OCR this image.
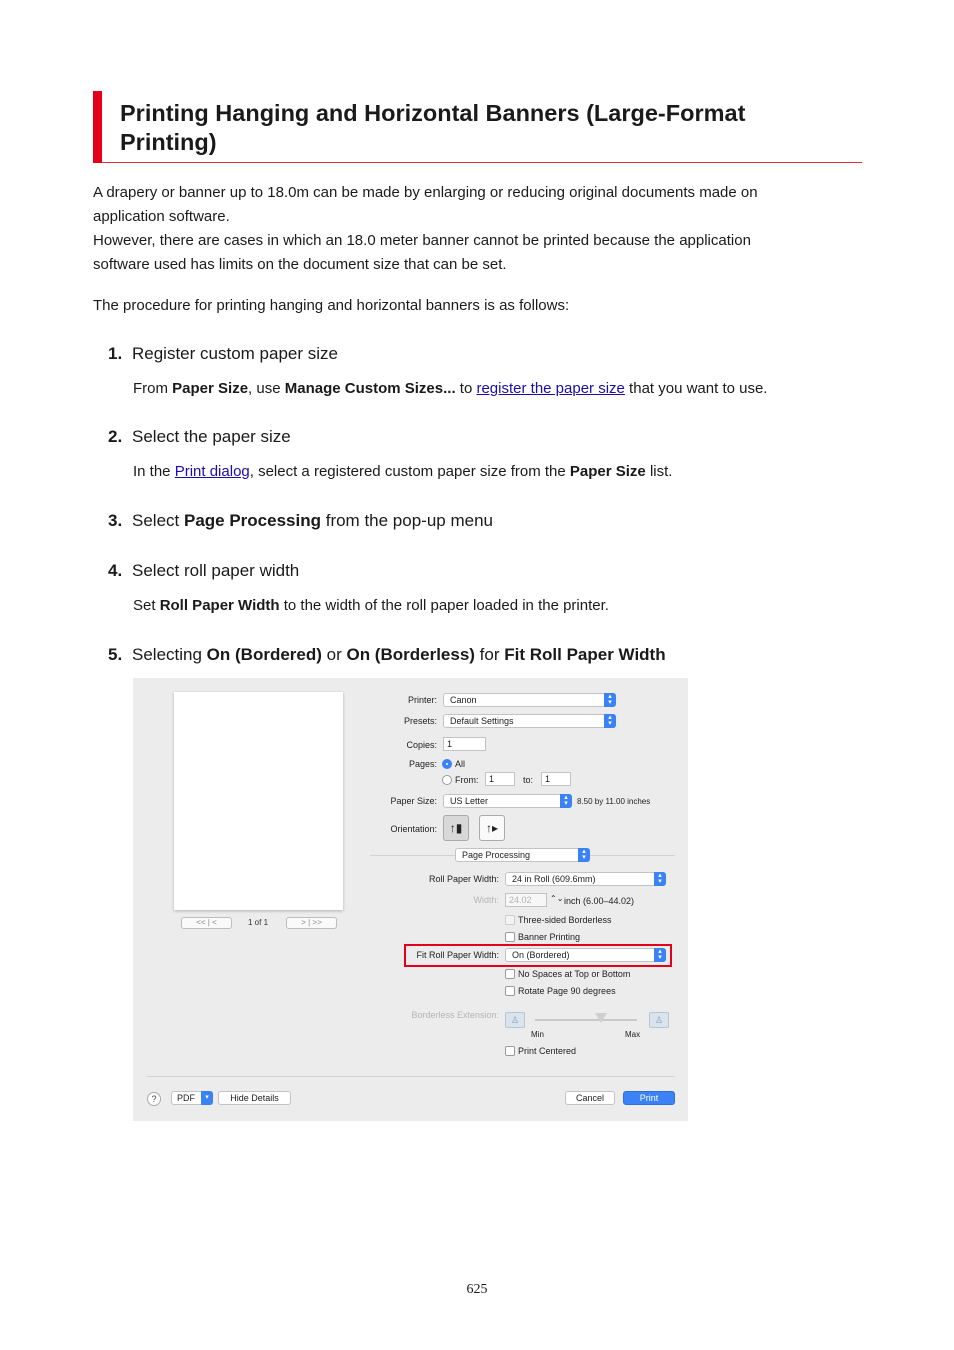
Printing Hanging and Horizontal Banners (Large-Format Printing)

A drapery or banner up to 18.0m can be made by enlarging or reducing original documents made on

application software.

However, there are cases in which an 18.0 meter banner cannot be printed because the application

software used has limits on the document size that can be set.

The procedure for printing hanging and horizontal banners is as follows:

1. Register custom paper size
From Paper Size, use Manage Custom Sizes... to register the paper size that you want to use.
2. Select the paper size
In the Print dialog, select a registered custom paper size from the Paper Size list.
3. Select Page Processing from the pop-up menu
4. Select roll paper width
Set Roll Paper Width to the width of the roll paper loaded in the printer.
5. Selecting On (Bordered) or On (Borderless) for Fit Roll Paper Width
<< | <	1 of 1	> | >>
Printer:	Canon	▴
▾
Presets:	Default Settings	▴
▾
Copies:	1
Pages: All
From:	1	to:	1
Paper Size:	US Letter	▴
▾	8.50 by 11.00 inches
Orientation:	↑▮	↑▸
Page Processing	▴
▾
Roll Paper Width:	24 in Roll (609.6mm)	▴
▾
Width:	24.02	⌃⌄ inch (6.00–44.02)
Three-sided Borderless
Banner Printing
Fit Roll Paper Width:	On (Bordered)	▴
▾
No Spaces at Top or Bottom
Rotate Page 90 degrees
Borderless Extension:	♙	♙
Min	Max
Print Centered
?	PDF	▾	Hide Details	Cancel	Print
625
